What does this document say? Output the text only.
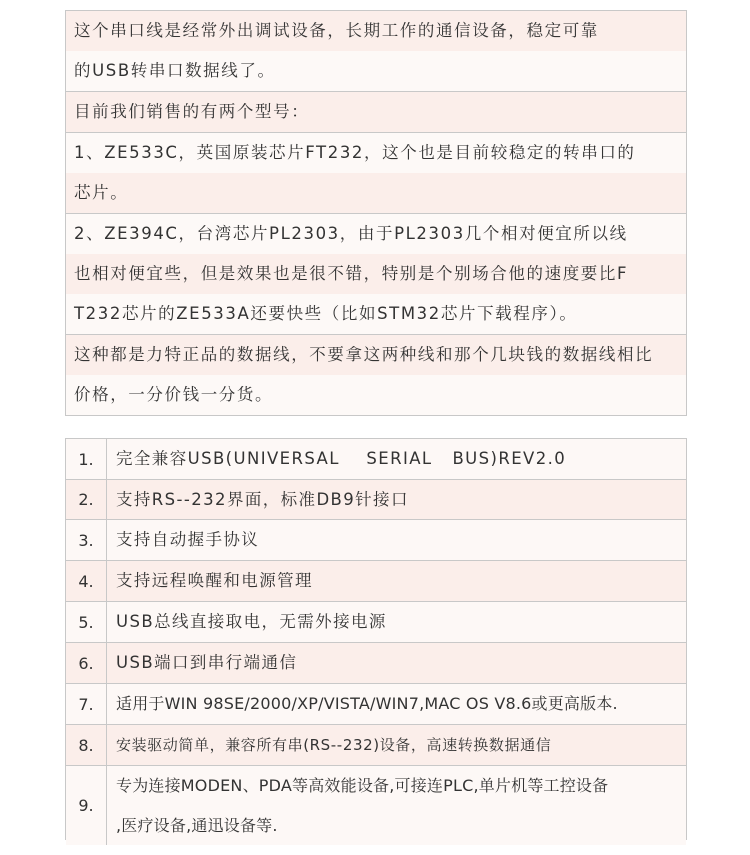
这个串口线是经常外出调试设备，长期工作的通信设备，稳定可靠

的USB转串口数据线了。

目前我们销售的有两个型号：

1、ZE533C，英国原装芯片FT232，这个也是目前较稳定的转串口的

芯片。

2、ZE394C，台湾芯片PL2303，由于PL2303几个相对便宜所以线

也相对便宜些，但是效果也是很不错，特别是个别场合他的速度要比F

T232芯片的ZE533A还要快些（比如STM32芯片下载程序）。

这种都是力特正品的数据线，不要拿这两种线和那个几块钱的数据线相比

价格，一分价钱一分货。

1.	完全兼容USB(UNIVERSAL    SERIAL   BUS)REV2.0
2.	支持RS--232界面，标准DB9针接口
3.	支持自动握手协议
4.	支持远程唤醒和电源管理
5.	USB总线直接取电，无需外接电源
6.	USB端口到串行端通信
7.	适用于WIN 98SE/2000/XP/VISTA/WIN7,MAC OS V8.6或更高版本.
8.	安装驱动简单，兼容所有串(RS--232)设备，高速转换数据通信
9.
专为连接MODEN、PDA等高效能设备,可接连PLC,单片机等工控设备
,医疗设备,通迅设备等.
